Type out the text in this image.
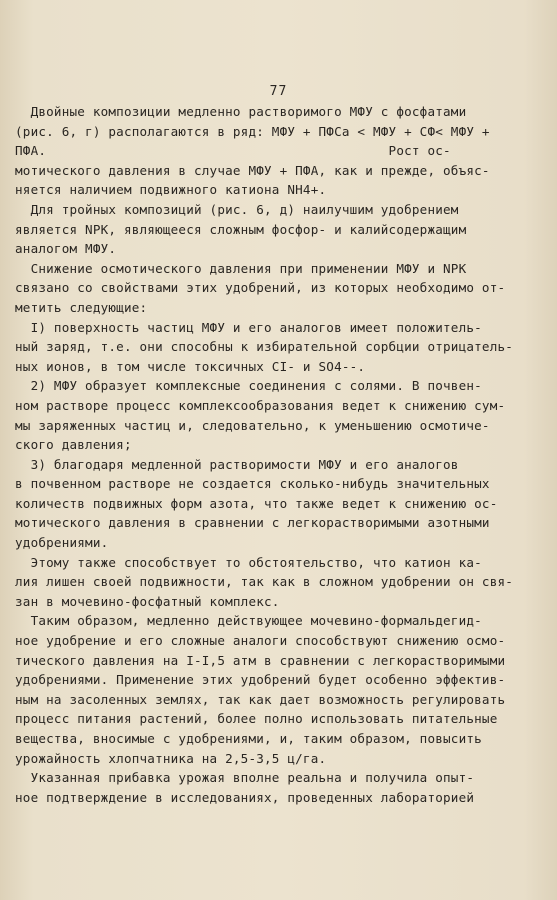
77
Двойные композиции медленно растворимого МФУ с фосфатами
(рис. 6, г) располагаются в ряд: МФУ + ПФСа < МФУ + СФ< МФУ +
ПФА.                                            Рост ос-
мотического давления в случае МФУ + ПФА, как и прежде, объяс-
няется наличием подвижного катиона NH4+.
Для тройных композиций (рис. 6, д) наилучшим удобрением
является NРК, являющееся сложным фосфор- и калийсодержащим
аналогом МФУ.
Снижение осмотического давления при применении МФУ и NРК
связано со свойствами этих удобрений, из которых необходимо от-
метить следующие:
I) поверхность частиц МФУ и его аналогов имеет положитель-
ный заряд, т.е. они способны к избирательной сорбции отрицатель-
ных ионов, в том числе токсичных CI- и SO4--.
2) МФУ образует комплексные соединения с солями. В почвен-
ном растворе процесс комплексообразования ведет к снижению сум-
мы заряженных частиц и, следовательно, к уменьшению осмотиче-
ского давления;
3) благодаря медленной растворимости МФУ и его аналогов
в почвенном растворе не создается сколько-нибудь значительных
количеств подвижных форм азота, что также ведет к снижению ос-
мотического давления в сравнении с легкорастворимыми азотными
удобрениями.
Этому также способствует то обстоятельство, что катион ка-
лия лишен своей подвижности, так как в сложном удобрении он свя-
зан в мочевино-фосфатный комплекс.
Таким образом, медленно действующее мочевино-формальдегид-
ное удобрение и его сложные аналоги способствуют снижению осмо-
тического давления на I-I,5 атм в сравнении с легкорастворимыми
удобрениями. Применение этих удобрений будет особенно эффектив-
ным на засоленных землях, так как дает возможность регулировать
процесс питания растений, более полно использовать питательные
вещества, вносимые с удобрениями, и, таким образом, повысить
урожайность хлопчатника на 2,5-3,5 ц/га.
Указанная прибавка урожая вполне реальна и получила опыт-
ное подтверждение в исследованиях, проведенных лабораторией
